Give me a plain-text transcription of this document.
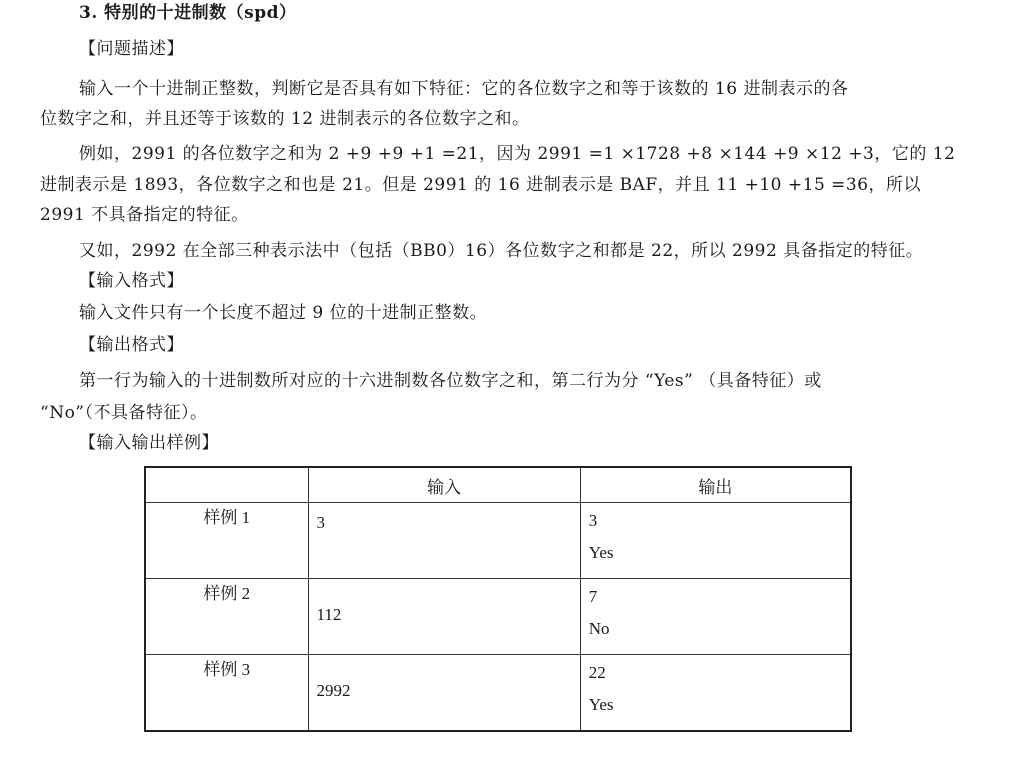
3. 特别的十进制数（spd）
【问题描述】
输入一个十进制正整数，判断它是否具有如下特征：它的各位数字之和等于该数的 16 进制表示的各
位数字之和，并且还等于该数的 12 进制表示的各位数字之和。
例如，2991 的各位数字之和为 2 +9 +9 +1 =21，因为 2991 =1 ×1728 +8 ×144 +9 ×12 +3，它的 12
进制表示是 1893，各位数字之和也是 21。但是 2991 的 16 进制表示是 BAF，并且 11 +10 +15 =36，所以
2991 不具备指定的特征。
又如，2992 在全部三种表示法中（包括（BB0）16）各位数字之和都是 22，所以 2992 具备指定的特征。
【输入格式】
输入文件只有一个长度不超过 9 位的十进制正整数。
【输出格式】
第一行为输入的十进制数所对应的十六进制数各位数字之和，第二行为分 “Yes” （具备特征）或
“No”（不具备特征）。
【输入输出样例】
	输入	输出
样例 1	3	3
Yes

样例 2	112	7
No

样例 3	2992	22
Yes
